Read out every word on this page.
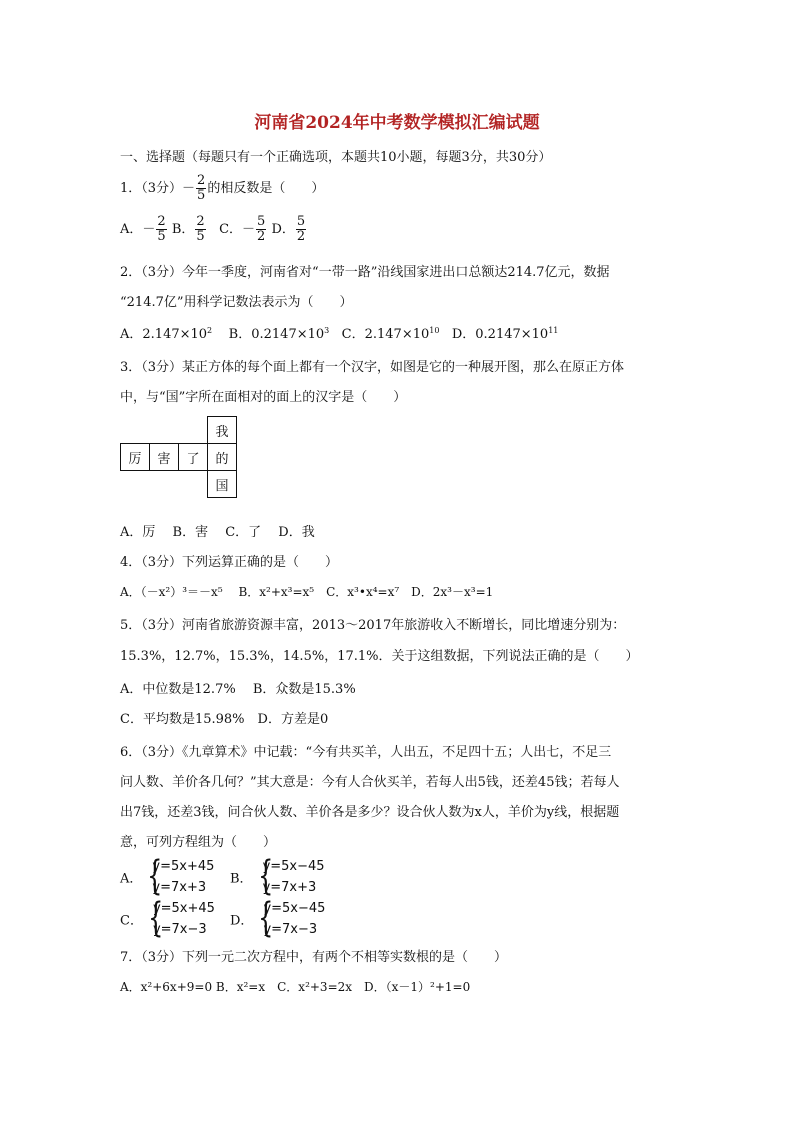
河南省2024年中考数学模拟汇编试题
一、选择题（每题只有一个正确选项，本题共10小题，每题3分，共30分）
1．（3分）－ $\frac{2}{5}$ 的相反数是（　　）
A．－ $\frac{2}{5}$ B． $\frac{2}{5}$ C．－ $\frac{5}{2}$ D． $\frac{5}{2}$
2．（3分）今年一季度，河南省对“一带一路”沿线国家进出口总额达214.7亿元，数据
“214.7亿”用科学记数法表示为（　　）
A．$2.147\times 10^2$ B．$0.2147\times 10^3$ C．$2.147\times 10^{10}$ D．$0.2147\times 10^{11}$
3．（3分）某正方体的每个面上都有一个汉字，如图是它的一种展开图，那么在原正方体
中，与“国”字所在面相对的面上的汉字是（　　）
			我
厉	害	了	的
			国
A．厉　 B．害　 C．了　 D．我
4．（3分）下列运算正确的是（　　）
A．（－x²）³＝－x⁵　 B．x²+x³=x⁵　C．x³•x⁴=x⁷　D．2x³－x³=1
5．（3分）河南省旅游资源丰富，2013～2017年旅游收入不断增长，同比增速分别为：
15.3%，12.7%，15.3%，14.5%，17.1%．关于这组数据，下列说法正确的是（　　）
A．中位数是12.7%　 B．众数是15.3%
C．平均数是15.98%　D．方差是0
6．（3分）《九章算术》中记载：“今有共买羊，人出五，不足四十五；人出七，不足三
问人数、羊价各几何？”其大意是：今有人合伙买羊，若每人出5钱，还差45钱；若每人
出7钱，还差3钱，问合伙人数、羊价各是多少？设合伙人数为x人，羊价为y线，根据题
意，可列方程组为（　　）
A． {
y=5x+45
y=7x+3
B． {
y=5x−45
y=7x+3
C． {
y=5x+45
y=7x−3
D． {
y=5x−45
y=7x−3
7．（3分）下列一元二次方程中，有两个不相等实数根的是（　　）
A．x²+6x+9=0 B．x²=x　C．x²+3=2x　D．（x－1）²+1=0
